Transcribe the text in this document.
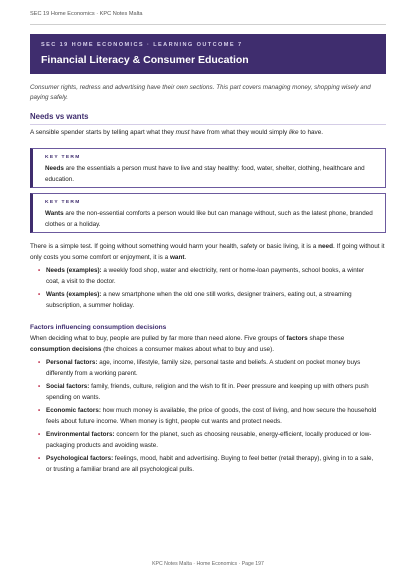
SEC 19 Home Economics · KPC Notes Malta
SEC 19 HOME ECONOMICS · LEARNING OUTCOME 7
Financial Literacy & Consumer Education
Consumer rights, redress and advertising have their own sections. This part covers managing money, shopping wisely and paying safely.
Needs vs wants
A sensible spender starts by telling apart what they must have from what they would simply like to have.
KEY TERM
Needs are the essentials a person must have to live and stay healthy: food, water, shelter, clothing, healthcare and education.
KEY TERM
Wants are the non-essential comforts a person would like but can manage without, such as the latest phone, branded clothes or a holiday.
There is a simple test. If going without something would harm your health, safety or basic living, it is a need. If going without it only costs you some comfort or enjoyment, it is a want.
• Needs (examples): a weekly food shop, water and electricity, rent or home-loan payments, school books, a winter coat, a visit to the doctor.
• Wants (examples): a new smartphone when the old one still works, designer trainers, eating out, a streaming subscription, a summer holiday.
Factors influencing consumption decisions
When deciding what to buy, people are pulled by far more than need alone. Five groups of factors shape these consumption decisions (the choices a consumer makes about what to buy and use).
• Personal factors: age, income, lifestyle, family size, personal taste and beliefs. A student on pocket money buys differently from a working parent.
• Social factors: family, friends, culture, religion and the wish to fit in. Peer pressure and keeping up with others push spending on wants.
• Economic factors: how much money is available, the price of goods, the cost of living, and how secure the household feels about future income. When money is tight, people cut wants and protect needs.
• Environmental factors: concern for the planet, such as choosing reusable, energy-efficient, locally produced or low-packaging products and avoiding waste.
• Psychological factors: feelings, mood, habit and advertising. Buying to feel better (retail therapy), giving in to a sale, or trusting a familiar brand are all psychological pulls.
KPC Notes Malta · Home Economics · Page 197
